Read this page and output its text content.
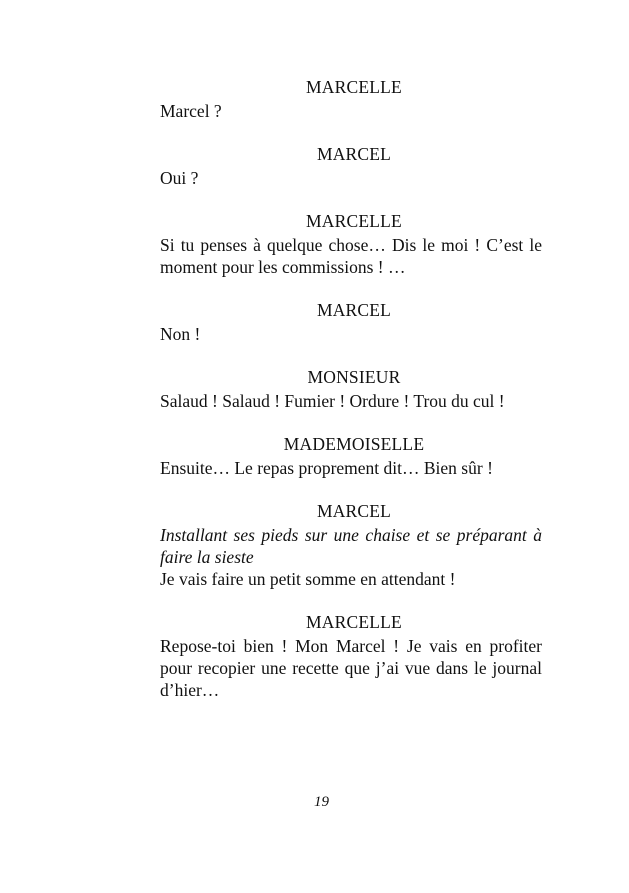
MARCELLE
Marcel ?
MARCEL
Oui ?
MARCELLE
Si tu penses à quelque chose… Dis le moi ! C’est le moment pour les commissions ! …
MARCEL
Non !
MONSIEUR
Salaud ! Salaud ! Fumier ! Ordure ! Trou du cul !
MADEMOISELLE
Ensuite… Le repas proprement dit… Bien sûr !
MARCEL
Installant ses pieds sur une chaise et se préparant à faire la sieste
Je vais faire un petit somme en attendant !
MARCELLE
Repose-toi bien ! Mon Marcel ! Je vais en profiter pour recopier une recette que j’ai vue dans le journal d’hier…
19
